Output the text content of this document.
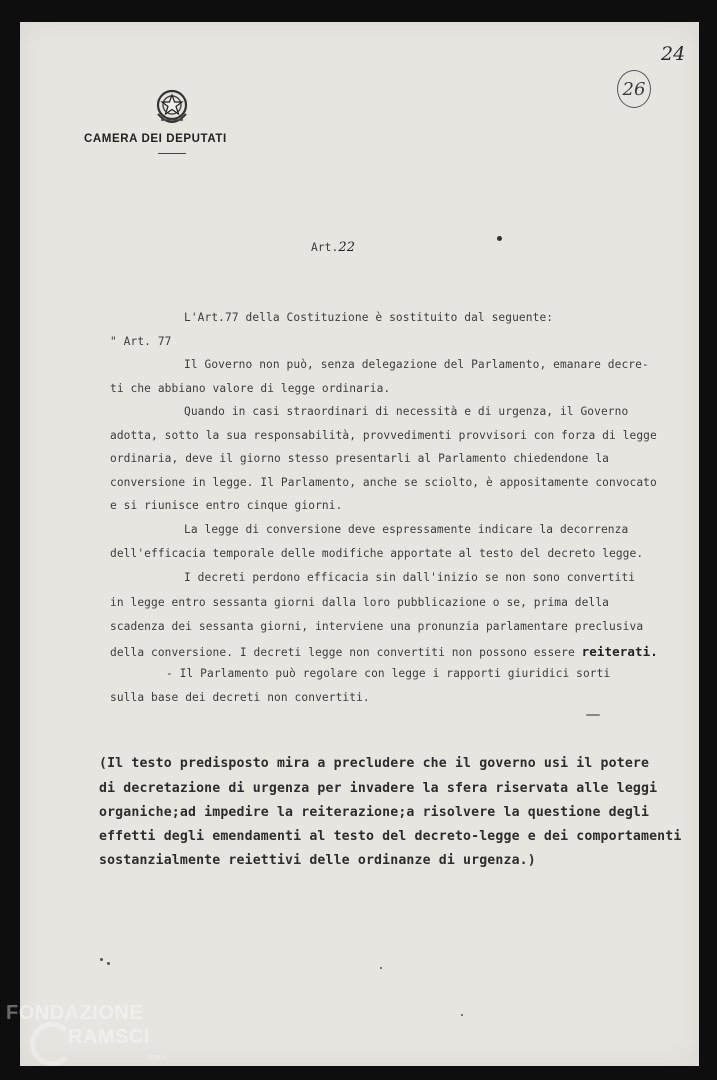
24
26
CAMERA DEI DEPUTATI
Art.22
L'Art.77 della Costituzione è sostituito dal seguente:
" Art. 77
Il Governo non può, senza delegazione del Parlamento, emanare decre-
ti che abbiano valore di legge ordinaria.
Quando in casi straordinari di necessità e di urgenza, il Governo
adotta, sotto la sua responsabilità, provvedimenti provvisori con forza di legge
ordinaria, deve il giorno stesso presentarli al Parlamento chiedendone la
conversione in legge. Il Parlamento, anche se sciolto, è appositamente convocato
e si riunisce entro cinque giorni.
La legge di conversione deve espressamente indicare la decorrenza
dell'efficacia temporale delle modifiche apportate al testo del decreto legge.
I decreti perdono efficacia sin dall'inizio se non sono convertiti
in legge entro sessanta giorni dalla loro pubblicazione o se, prima della
scadenza dei sessanta giorni, interviene una pronunzia parlamentare preclusiva
della conversione. I decreti legge non convertiti non possono essere reiterati.
- Il Parlamento può regolare con legge i rapporti giuridici sorti
sulla base dei decreti non convertiti.
(Il testo predisposto mira a precludere che il governo usi il potere
di decretazione di urgenza per invadere la sfera riservata alle leggi
organiche;ad impedire la reiterazione;a risolvere la questione degli
effetti degli emendamenti al testo del decreto-legge e dei comportamenti
sostanzialmente reiettivi delle ordinanze di urgenza.)
FONDAZIONE
RAMSCI
onlus
